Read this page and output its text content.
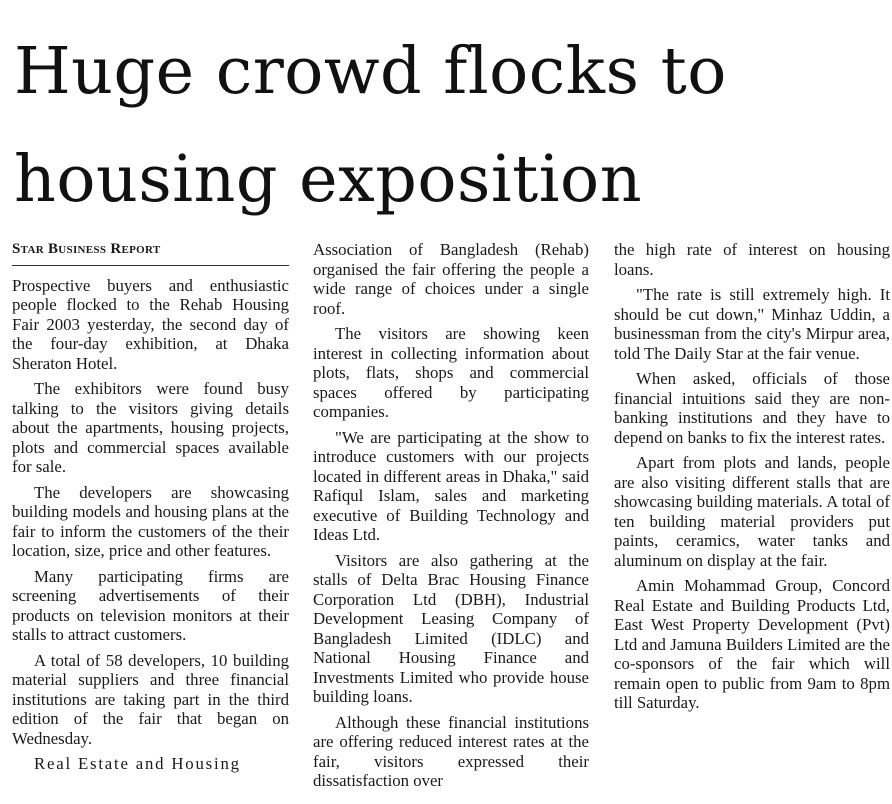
Huge crowd flocks to housing exposition
Star Business Report

Prospective buyers and enthusiastic people flocked to the Rehab Housing Fair 2003 yesterday, the second day of the four-day exhibition, at Dhaka Sheraton Hotel.

The exhibitors were found busy talking to the visitors giving details about the apartments, housing projects, plots and commercial spaces available for sale.

The developers are showcasing building models and housing plans at the fair to inform the customers of the their location, size, price and other features.

Many participating firms are screening advertisements of their products on television monitors at their stalls to attract customers.

A total of 58 developers, 10 building material suppliers and three financial institutions are taking part in the third edition of the fair that began on Wednesday.

Real Estate and Housing

Association of Bangladesh (Rehab) organised the fair offering the people a wide range of choices under a single roof.

The visitors are showing keen interest in collecting information about plots, flats, shops and commercial spaces offered by participating companies.

"We are participating at the show to introduce customers with our projects located in different areas in Dhaka," said Rafiqul Islam, sales and marketing executive of Building Technology and Ideas Ltd.

Visitors are also gathering at the stalls of Delta Brac Housing Finance Corporation Ltd (DBH), Industrial Development Leasing Company of Bangladesh Limited (IDLC) and National Housing Finance and Investments Limited who provide house building loans.

Although these financial institutions are offering reduced interest rates at the fair, visitors expressed their dissatisfaction over

the high rate of interest on housing loans.

"The rate is still extremely high. It should be cut down," Minhaz Uddin, a businessman from the city's Mirpur area, told The Daily Star at the fair venue.

When asked, officials of those financial intuitions said they are non-banking institutions and they have to depend on banks to fix the interest rates.

Apart from plots and lands, people are also visiting different stalls that are showcasing building materials. A total of ten building material providers put paints, ceramics, water tanks and aluminum on display at the fair.

Amin Mohammad Group, Concord Real Estate and Building Products Ltd, East West Property Development (Pvt) Ltd and Jamuna Builders Limited are the co-sponsors of the fair which will remain open to public from 9am to 8pm till Saturday.
